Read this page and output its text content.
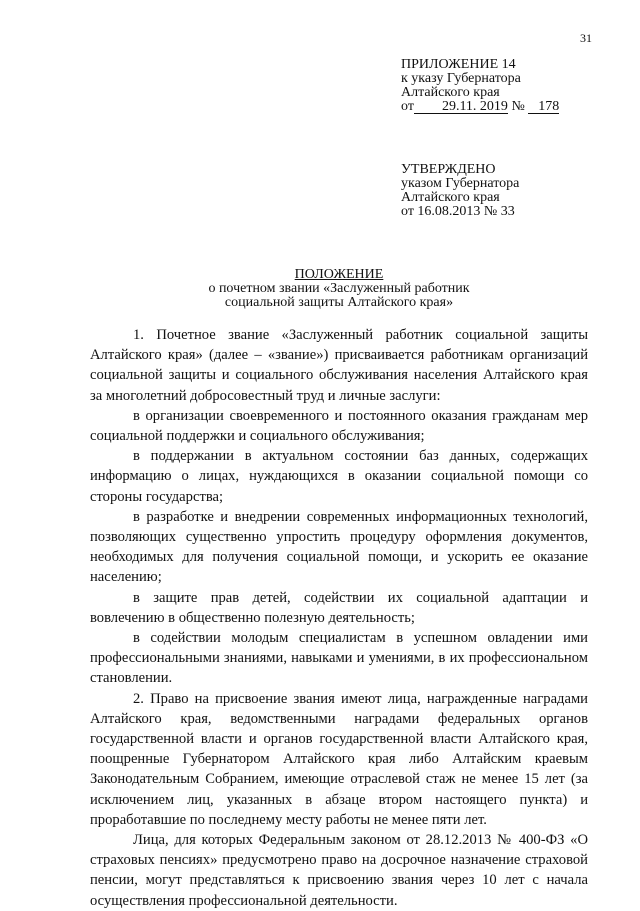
31
ПРИЛОЖЕНИЕ 14
к указу Губернатора
Алтайского края
от 29.11. 2019 № 178
УТВЕРЖДЕНО
указом Губернатора
Алтайского края
от 16.08.2013 № 33
ПОЛОЖЕНИЕ
о почетном звании «Заслуженный работник
социальной защиты Алтайского края»

1. Почетное звание «Заслуженный работник социальной защиты Алтайского края» (далее – «звание») присваивается работникам организаций социальной защиты и социального обслуживания населения Алтайского края за многолетний добросовестный труд и личные заслуги:

в организации своевременного и постоянного оказания гражданам мер социальной поддержки и социального обслуживания;

в поддержании в актуальном состоянии баз данных, содержащих информацию о лицах, нуждающихся в оказании социальной помощи со стороны государства;

в разработке и внедрении современных информационных технологий, позволяющих существенно упростить процедуру оформления документов, необходимых для получения социальной помощи, и ускорить ее оказание населению;

в защите прав детей, содействии их социальной адаптации и вовлечению в общественно полезную деятельность;

в содействии молодым специалистам в успешном овладении ими профессиональными знаниями, навыками и умениями, в их профессиональном становлении.

2. Право на присвоение звания имеют лица, награжденные наградами Алтайского края, ведомственными наградами федеральных органов государственной власти и органов государственной власти Алтайского края, поощренные Губернатором Алтайского края либо Алтайским краевым Законодательным Собранием, имеющие отраслевой стаж не менее 15 лет (за исключением лиц, указанных в абзаце втором настоящего пункта) и проработавшие по последнему месту работы не менее пяти лет.

Лица, для которых Федеральным законом от 28.12.2013 № 400-ФЗ «О страховых пенсиях» предусмотрено право на досрочное назначение страховой пенсии, могут представляться к присвоению звания через 10 лет с начала осуществления профессиональной деятельности.
